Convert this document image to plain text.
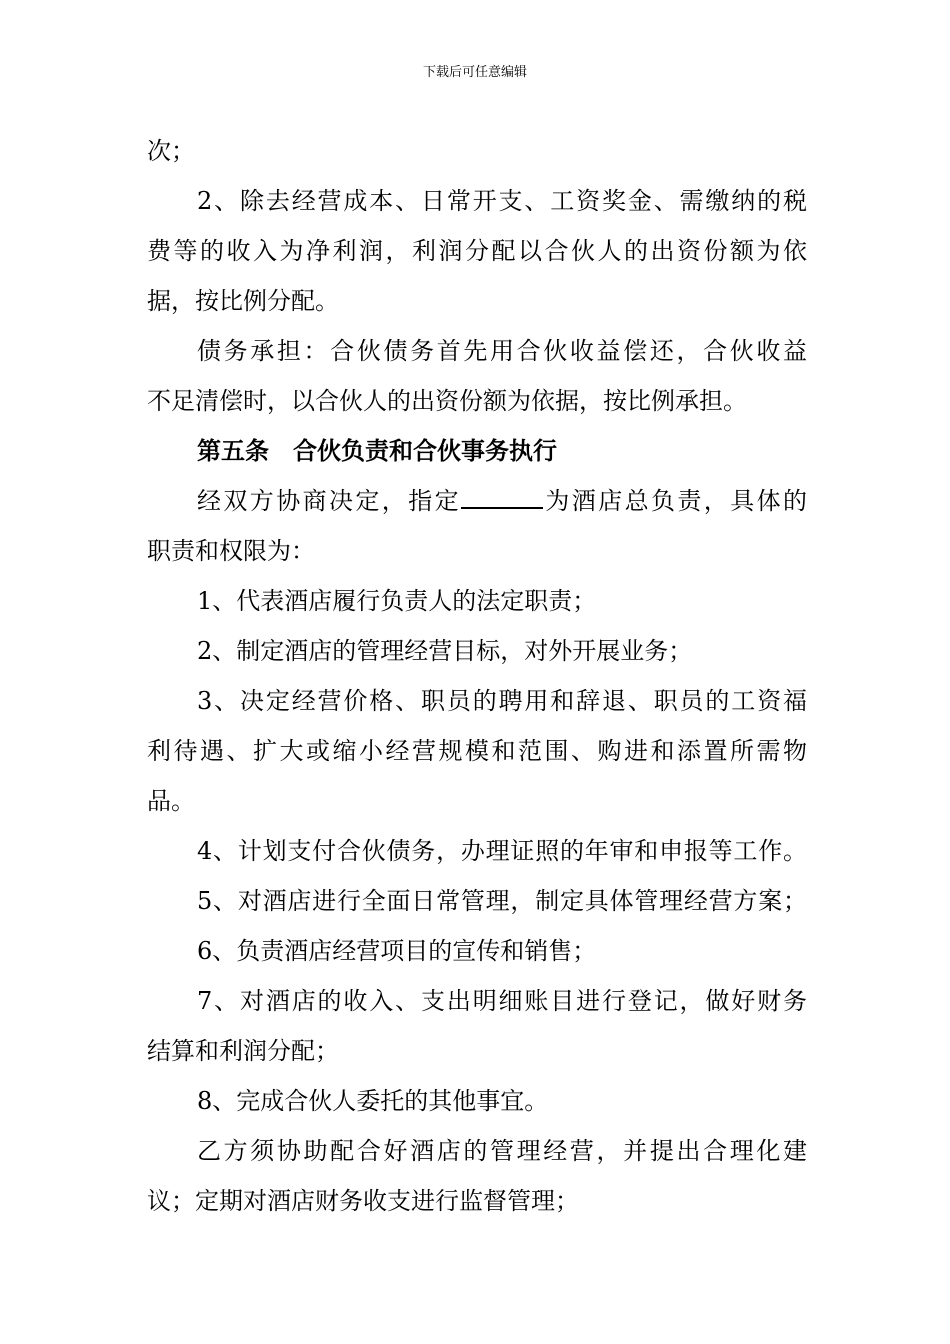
下载后可任意编辑
次；
2、除去经营成本、日常开支、工资奖金、需缴纳的税
费等的收入为净利润，利润分配以合伙人的出资份额为依
据，按比例分配。
债务承担：合伙债务首先用合伙收益偿还，合伙收益
不足清偿时，以合伙人的出资份额为依据，按比例承担。
第五条　合伙负责和合伙事务执行
经双方协商决定，指定	为酒店总负责，具体的
职责和权限为：
1、代表酒店履行负责人的法定职责；
2、制定酒店的管理经营目标，对外开展业务；
3、决定经营价格、职员的聘用和辞退、职员的工资福
利待遇、扩大或缩小经营规模和范围、购进和添置所需物
品。
4、计划支付合伙债务，办理证照的年审和申报等工作。
5、对酒店进行全面日常管理，制定具体管理经营方案；
6、负责酒店经营项目的宣传和销售；
7、对酒店的收入、支出明细账目进行登记，做好财务
结算和利润分配；
8、完成合伙人委托的其他事宜。
乙方须协助配合好酒店的管理经营，并提出合理化建
议；定期对酒店财务收支进行监督管理；
